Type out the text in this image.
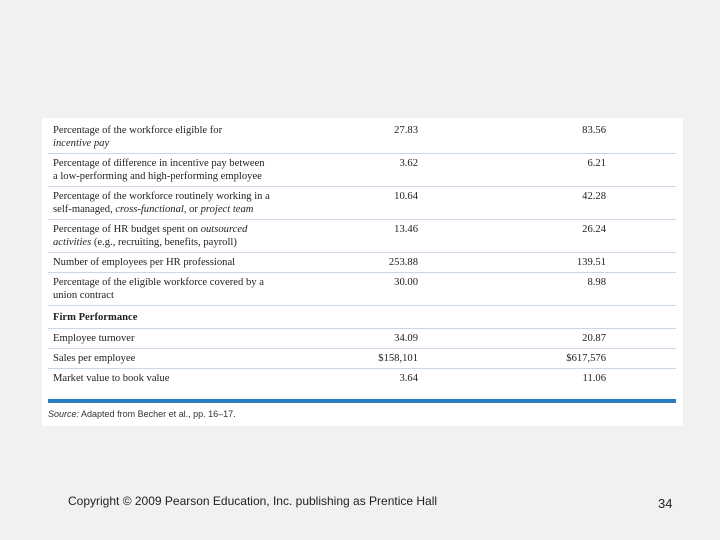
Percentage of the workforce eligible for
incentive pay	27.83	83.56	
Percentage of difference in incentive pay between
a low-performing and high-performing employee	3.62	6.21	
Percentage of the workforce routinely working in a
self-managed, cross-functional, or project team	10.64	42.28	
Percentage of HR budget spent on outsourced
activities (e.g., recruiting, benefits, payroll)	13.46	26.24	
Number of employees per HR professional	253.88	139.51	
Percentage of the eligible workforce covered by a
union contract	30.00	8.98	
Firm Performance			
Employee turnover	34.09	20.87	
Sales per employee	$158,101	$617,576	
Market value to book value	3.64	11.06	
Source: Adapted from Becher et al., pp. 16–17.
Copyright © 2009 Pearson Education, Inc. publishing as Prentice Hall	34
